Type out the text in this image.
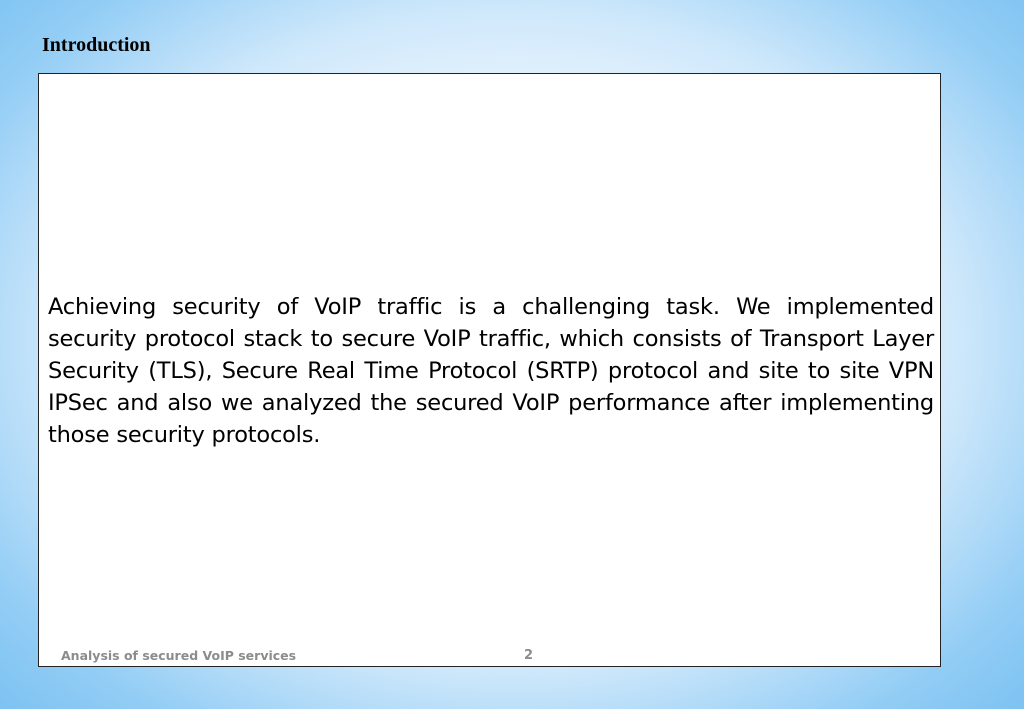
Introduction

Achieving security of VoIP traffic is a challenging task. We implemented security protocol stack to secure VoIP traffic, which consists of Transport Layer Security (TLS), Secure Real Time Protocol (SRTP) protocol and site to site VPN IPSec and also we analyzed the secured VoIP performance after implementing those security protocols.

Analysis of secured VoIP services	2
